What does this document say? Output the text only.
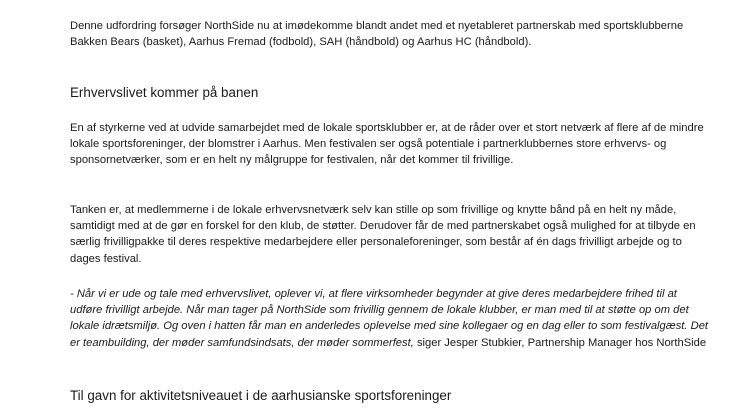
Denne udfordring forsøger NorthSide nu at imødekomme blandt andet med et nyetableret partnerskab med sportsklubberne Bakken Bears (basket), Aarhus Fremad (fodbold), SAH (håndbold) og Aarhus HC (håndbold).

Erhvervslivet kommer på banen

En af styrkerne ved at udvide samarbejdet med de lokale sportsklubber er, at de råder over et stort netværk af flere af de mindre lokale sportsforeninger, der blomstrer i Aarhus. Men festivalen ser også potentiale i partnerklubbernes store erhvervs- og sponsornetværker, som er en helt ny målgruppe for festivalen, når det kommer til frivillige.

Tanken er, at medlemmerne i de lokale erhvervsnetværk selv kan stille op som frivillige og knytte bånd på en helt ny måde, samtidigt med at de gør en forskel for den klub, de støtter. Derudover får de med partnerskabet også mulighed for at tilbyde en særlig frivilligpakke til deres respektive medarbejdere eller personaleforeninger, som består af én dags frivilligt arbejde og to dages festival.

- Når vi er ude og tale med erhvervslivet, oplever vi, at flere virksomheder begynder at give deres medarbejdere frihed til at udføre frivilligt arbejde. Når man tager på NorthSide som frivillig gennem de lokale klubber, er man med til at støtte op om det lokale idrætsmiljø. Og oven i hatten får man en anderledes oplevelse med sine kollegaer og en dag eller to som festivalgæst. Det er teambuilding, der møder samfundsindsats, der møder sommerfest, siger Jesper Stubkier, Partnership Manager hos NorthSide

Til gavn for aktivitetsniveauet i de aarhusianske sportsforeninger
